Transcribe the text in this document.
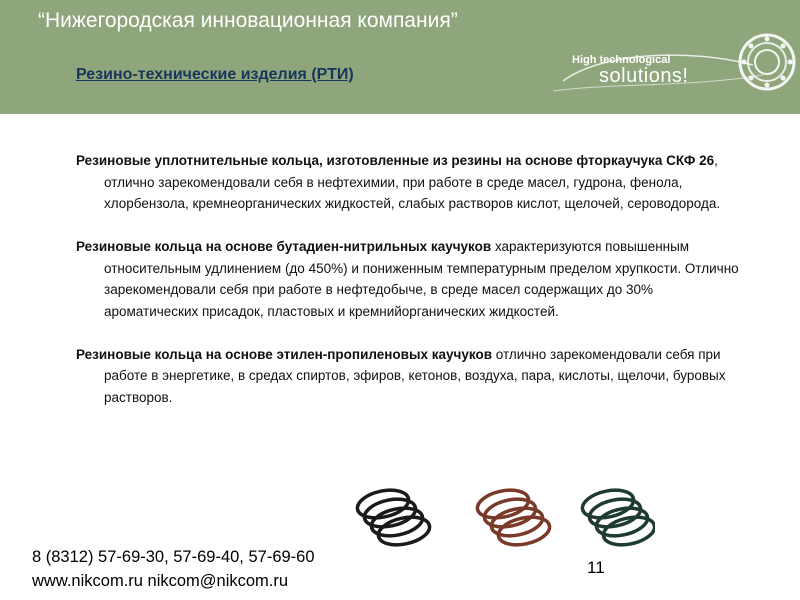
“Нижегородская инновационная компания”
Резино-технические изделия (РТИ)
High technological
solutions!

Резиновые уплотнительные кольца, изготовленные из резины на основе фторкаучука СКФ 26, отлично зарекомендовали себя в нефтехимии, при работе в среде масел, гудрона, фенола, хлорбензола, кремнеорганических жидкостей, слабых растворов кислот, щелочей, сероводорода.

Резиновые кольца на основе бутадиен-нитрильных каучуков характеризуются повышенным относительным удлинением (до 450%) и пониженным температурным пределом хрупкости. Отлично зарекомендовали себя при работе в нефтедобыче, в среде масел содержащих до 30% ароматических присадок, пластовых и кремнийорганических жидкостей.

Резиновые кольца на основе этилен-пропиленовых каучуков отлично зарекомендовали себя при работе в энергетике, в средах спиртов, эфиров, кетонов, воздуха, пара, кислоты, щелочи, буровых растворов.

8 (8312) 57-69-30, 57-69-40, 57-69-60
www.nikcom.ru nikcom@nikcom.ru
11
